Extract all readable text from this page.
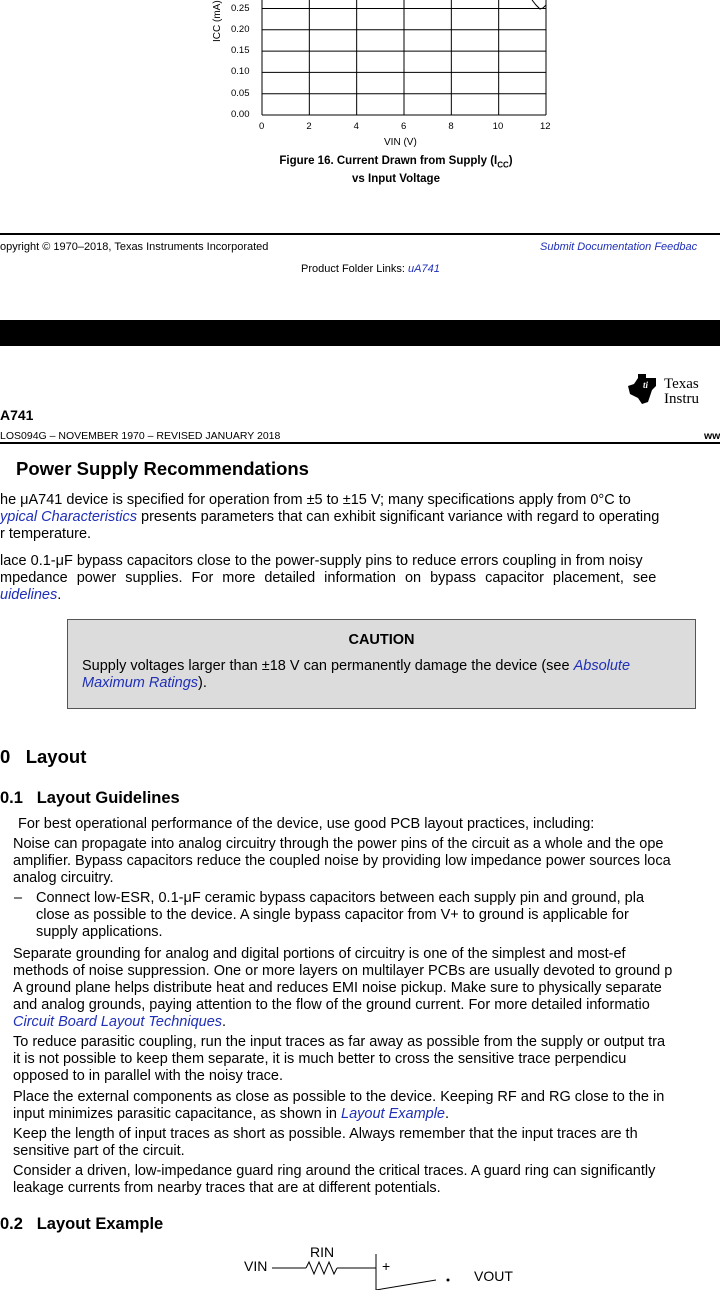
ICC (mA) 0.25
0.20
0.15
0.10
0.05
0.00
0	2	4	6	8	10	12
VIN (V)
Figure 16. Current Drawn from Supply $(I_{CC})$
vs Input Voltage
opyright © 1970–2018, Texas Instruments Incorporated	Submit Documentation Feedbac
Product Folder Links: uA741
ti Texas
Instru
A741
LOS094G – NOVEMBER 1970 – REVISED JANUARY 2018	ww
Power Supply Recommendations
he μA741 device is specified for operation from ±5 to ±15 V; many specifications apply from 0°C to
ypical Characteristics presents parameters that can exhibit significant variance with regard to operating
r temperature.
lace 0.1-μF bypass capacitors close to the power-supply pins to reduce errors coupling in from noisy
mpedance power supplies. For more detailed information on bypass capacitor placement, see
uidelines.
CAUTION
Supply voltages larger than ±18 V can permanently damage the device (see Absolute
Maximum Ratings).
0   Layout
0.1   Layout Guidelines
For best operational performance of the device, use good PCB layout practices, including:
Noise can propagate into analog circuitry through the power pins of the circuit as a whole and the ope
amplifier. Bypass capacitors reduce the coupled noise by providing low impedance power sources loca
analog circuitry.
– Connect low-ESR, 0.1-μF ceramic bypass capacitors between each supply pin and ground, pla
close as possible to the device. A single bypass capacitor from V+ to ground is applicable for
supply applications.
Separate grounding for analog and digital portions of circuitry is one of the simplest and most-ef
methods of noise suppression. One or more layers on multilayer PCBs are usually devoted to ground p
A ground plane helps distribute heat and reduces EMI noise pickup. Make sure to physically separate
and analog grounds, paying attention to the flow of the ground current. For more detailed informatio
Circuit Board Layout Techniques.
To reduce parasitic coupling, run the input traces as far away as possible from the supply or output tra
it is not possible to keep them separate, it is much better to cross the sensitive trace perpendicu
opposed to in parallel with the noisy trace.
Place the external components as close as possible to the device. Keeping RF and RG close to the in
input minimizes parasitic capacitance, as shown in Layout Example.
Keep the length of input traces as short as possible. Always remember that the input traces are th
sensitive part of the circuit.
Consider a driven, low-impedance guard ring around the critical traces. A guard ring can significantly
leakage currents from nearby traces that are at different potentials.
0.2   Layout Example
VIN
RIN
+
VOUT
